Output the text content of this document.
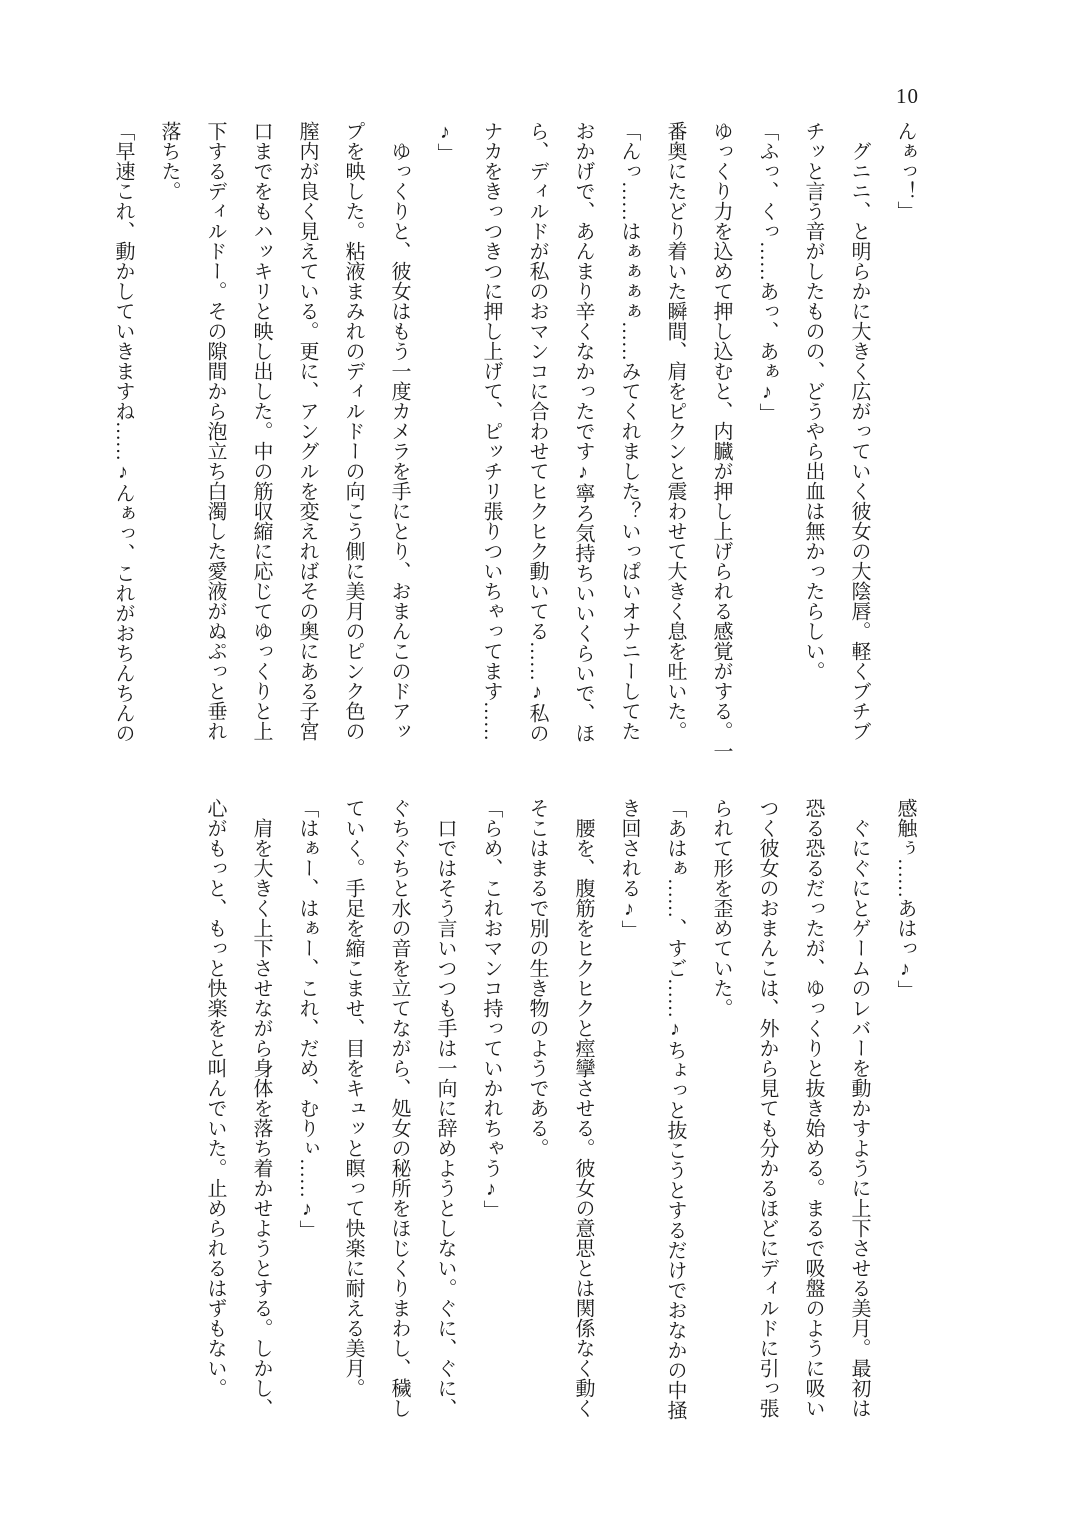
10
んぁっ！」
　グニニ、と明らかに大きく広がっていく彼女の大陰唇。軽くブチブ
チッと言う音がしたものの、どうやら出血は無かったらしい。
「ふっ、くっ……あっ、あぁ♪」
ゆっくり力を込めて押し込むと、内臓が押し上げられる感覚がする。一
番奥にたどり着いた瞬間、肩をピクンと震わせて大きく息を吐いた。
「んっ……はぁぁぁぁ……みてくれました？いっぱいオナニーしてた
おかげで、あんまり辛くなかったです♪寧ろ気持ちいいくらいで、ほ
ら、ディルドが私のおマンコに合わせてヒクヒク動いてる……♪私の
ナカをきっつきつに押し上げて、ピッチリ張りついちゃってます……
♪」
　ゆっくりと、彼女はもう一度カメラを手にとり、おまんこのドアッ
プを映した。粘液まみれのディルドーの向こう側に美月のピンク色の
膣内が良く見えている。更に、アングルを変えればその奥にある子宮
口までをもハッキリと映し出した。中の筋収縮に応じてゆっくりと上
下するディルドー。その隙間から泡立ち白濁した愛液がぬぷっと垂れ
落ちた。
「早速これ、動かしていきますね……♪んぁっ、これがおちんちんの
感触ぅ……あはっ♪」
　ぐにぐにとゲームのレバーを動かすように上下させる美月。最初は
恐る恐るだったが、ゆっくりと抜き始める。まるで吸盤のように吸い
つく彼女のおまんこは、外から見ても分かるほどにディルドに引っ張
られて形を歪めていた。
「あはぁ……、すご……♪ちょっと抜こうとするだけでおなかの中掻
き回される♪」
　腰を、腹筋をヒクヒクと痙攣させる。彼女の意思とは関係なく動く
そこはまるで別の生き物のようである。
「らめ、これおマンコ持っていかれちゃう♪」
　口ではそう言いつつも手は一向に辞めようとしない。ぐに、ぐに、
ぐちぐちと水の音を立てながら、処女の秘所をほじくりまわし、穢し
ていく。手足を縮こませ、目をキュッと瞑って快楽に耐える美月。
「はぁー、はぁー、これ、だめ、むりぃ……♪」
　肩を大きく上下させながら身体を落ち着かせようとする。しかし、
心がもっと、もっと快楽をと叫んでいた。止められるはずもない。
